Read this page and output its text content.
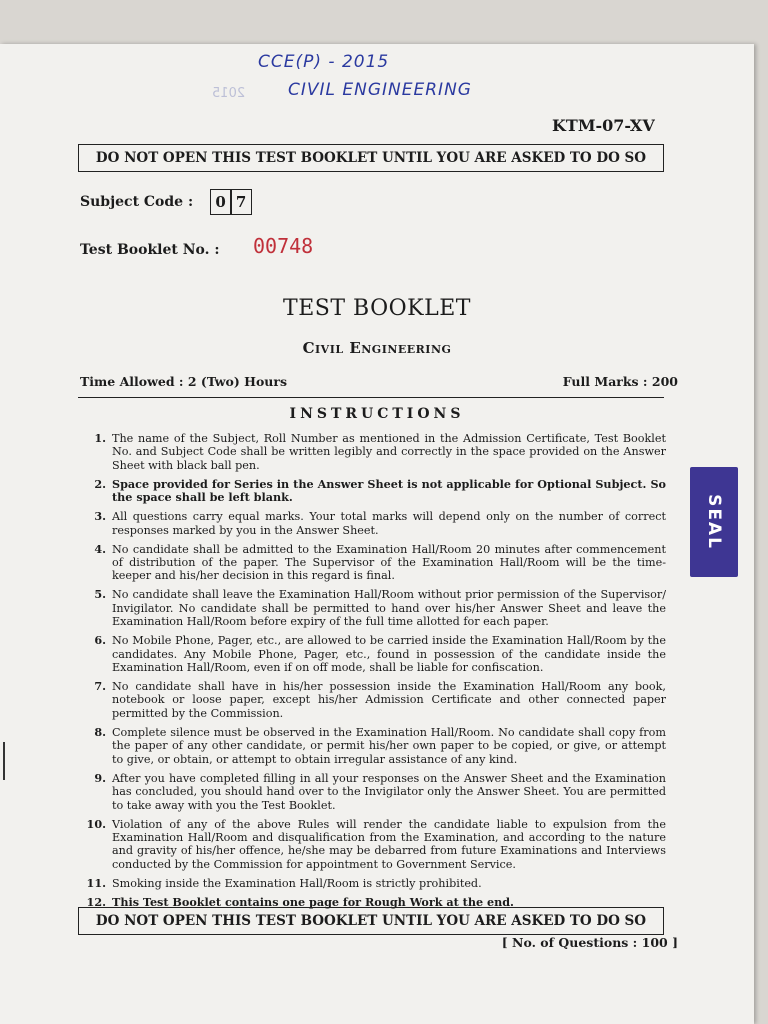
CCE(P) - 2015
CIVIL ENGINEERING
2015
KTM-07-XV
DO NOT OPEN THIS TEST BOOKLET UNTIL YOU ARE ASKED TO DO SO
Subject Code :	0 7
Test Booklet No. : 00748
TEST BOOKLET
Civil Engineering
Time Allowed : 2 (Two) Hours	Full Marks : 200
INSTRUCTIONS
1. The name of the Subject, Roll Number as mentioned in the Admission Certificate, Test Booklet No. and Subject Code shall be written legibly and correctly in the space provided on the Answer Sheet with black ball pen.
2. Space provided for Series in the Answer Sheet is not applicable for Optional Subject. So the space shall be left blank.
3. All questions carry equal marks. Your total marks will depend only on the number of correct responses marked by you in the Answer Sheet.
4. No candidate shall be admitted to the Examination Hall/Room 20 minutes after commencement of distribution of the paper. The Supervisor of the Examination Hall/Room will be the time-keeper and his/her decision in this regard is final.
5. No candidate shall leave the Examination Hall/Room without prior permission of the Supervisor/ Invigilator. No candidate shall be permitted to hand over his/her Answer Sheet and leave the Examination Hall/Room before expiry of the full time allotted for each paper.
6. No Mobile Phone, Pager, etc., are allowed to be carried inside the Examination Hall/Room by the candidates. Any Mobile Phone, Pager, etc., found in possession of the candidate inside the Examination Hall/Room, even if on off mode, shall be liable for confiscation.
7. No candidate shall have in his/her possession inside the Examination Hall/Room any book, notebook or loose paper, except his/her Admission Certificate and other connected paper permitted by the Commission.
8. Complete silence must be observed in the Examination Hall/Room. No candidate shall copy from the paper of any other candidate, or permit his/her own paper to be copied, or give, or attempt to give, or obtain, or attempt to obtain irregular assistance of any kind.
9. After you have completed filling in all your responses on the Answer Sheet and the Examination has concluded, you should hand over to the Invigilator only the Answer Sheet. You are permitted to take away with you the Test Booklet.
10. Violation of any of the above Rules will render the candidate liable to expulsion from the Examination Hall/Room and disqualification from the Examination, and according to the nature and gravity of his/her offence, he/she may be debarred from future Examinations and Interviews conducted by the Commission for appointment to Government Service.
11. Smoking inside the Examination Hall/Room is strictly prohibited.
12. This Test Booklet contains one page for Rough Work at the end.
DO NOT OPEN THIS TEST BOOKLET UNTIL YOU ARE ASKED TO DO SO
[ No. of Questions : 100 ]
SEAL
